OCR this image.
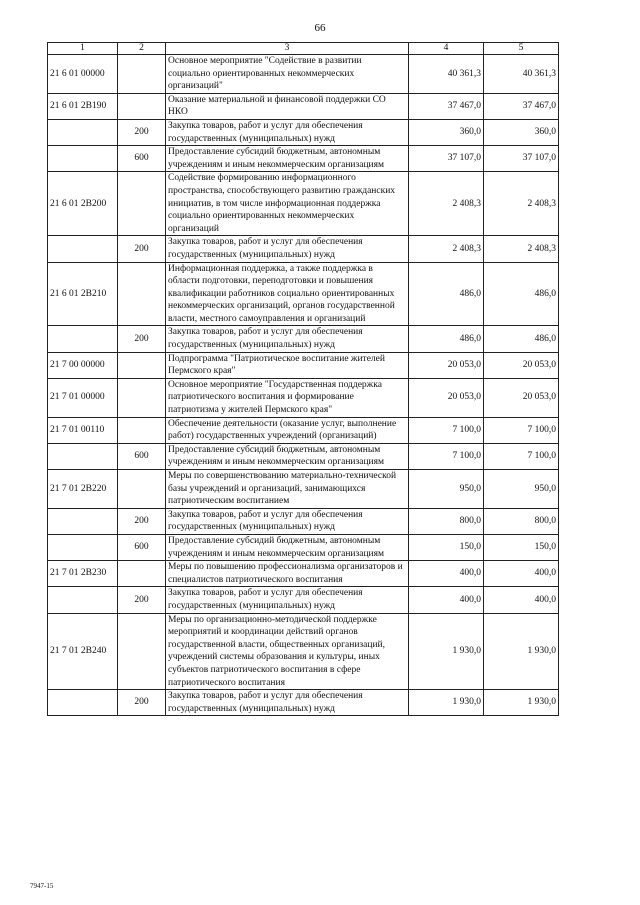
66
1	2	3	4	5
21 6 01 00000		Основное мероприятие "Содействие в развитии социально ориентированных некоммерческих организаций"	40 361,3	40 361,3
21 6 01 2В190		Оказание материальной и финансовой поддержки СО НКО	37 467,0	37 467,0
	200	Закупка товаров, работ и услуг для обеспечения государственных (муниципальных) нужд	360,0	360,0
	600	Предоставление субсидий бюджетным, автономным учреждениям и иным некоммерческим организациям	37 107,0	37 107,0
21 6 01 2В200		Содействие формированию информационного пространства, способствующего развитию гражданских инициатив, в том числе информационная поддержка социально ориентированных некоммерческих организаций	2 408,3	2 408,3
	200	Закупка товаров, работ и услуг для обеспечения государственных (муниципальных) нужд	2 408,3	2 408,3
21 6 01 2В210		Информационная поддержка, а также поддержка в области подготовки, переподготовки и повышения квалификации работников социально ориентированных некоммерческих организаций, органов государственной власти, местного самоуправления и организаций	486,0	486,0
	200	Закупка товаров, работ и услуг для обеспечения государственных (муниципальных) нужд	486,0	486,0
21 7 00 00000		Подпрограмма "Патриотическое воспитание жителей Пермского края"	20 053,0	20 053,0
21 7 01 00000		Основное мероприятие "Государственная поддержка патриотического воспитания и формирование патриотизма у жителей Пермского края"	20 053,0	20 053,0
21 7 01 00110		Обеспечение деятельности (оказание услуг, выполнение работ) государственных учреждений (организаций)	7 100,0	7 100,0
	600	Предоставление субсидий бюджетным, автономным учреждениям и иным некоммерческим организациям	7 100,0	7 100,0
21 7 01 2В220		Меры по совершенствованию материально-технической базы учреждений и организаций, занимающихся патриотическим воспитанием	950,0	950,0
	200	Закупка товаров, работ и услуг для обеспечения государственных (муниципальных) нужд	800,0	800,0
	600	Предоставление субсидий бюджетным, автономным учреждениям и иным некоммерческим организациям	150,0	150,0
21 7 01 2В230		Меры по повышению профессионализма организаторов и специалистов патриотического воспитания	400,0	400,0
	200	Закупка товаров, работ и услуг для обеспечения государственных (муниципальных) нужд	400,0	400,0
21 7 01 2В240		Меры по организационно-методической поддержке мероприятий и координации действий органов государственной власти, общественных организаций, учреждений системы образования и культуры, иных субъектов патриотического воспитания в сфере патриотического воспитания	1 930,0	1 930,0
	200	Закупка товаров, работ и услуг для обеспечения государственных (муниципальных) нужд	1 930,0	1 930,0
7947-15
